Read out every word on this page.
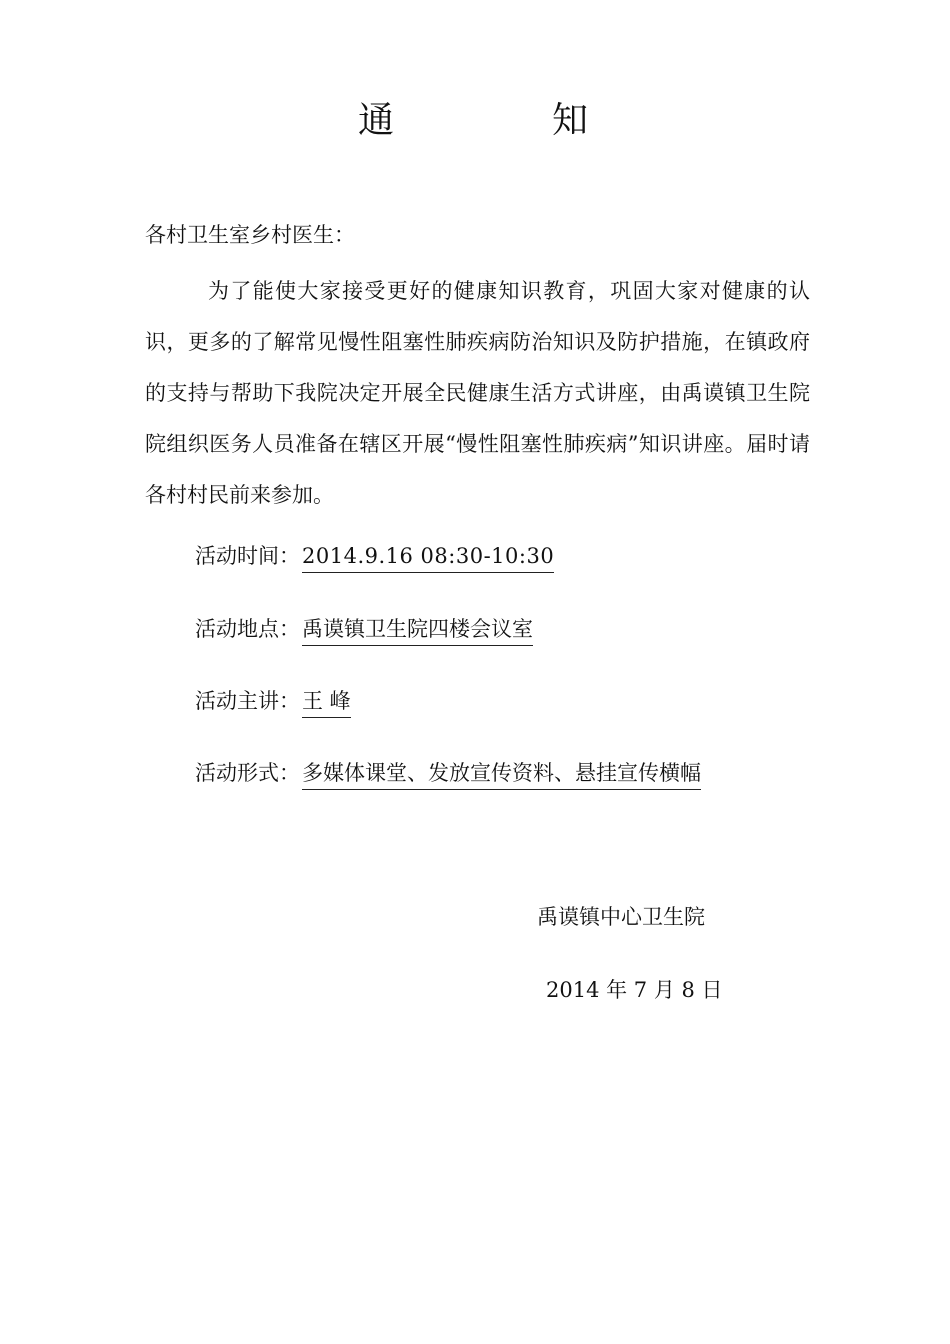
通	知
各村卫生室乡村医生：
为了能使大家接受更好的健康知识教育，巩固大家对健康的认识，更多的了解常见慢性阻塞性肺疾病防治知识及防护措施，在镇政府的支持与帮助下我院决定开展全民健康生活方式讲座，由禹谟镇卫生院院组织医务人员准备在辖区开展“慢性阻塞性肺疾病”知识讲座。届时请各村村民前来参加。
活动时间：2014.9.16 08:30-10:30
活动地点：禹谟镇卫生院四楼会议室
活动主讲：王 峰
活动形式：多媒体课堂、发放宣传资料、悬挂宣传横幅
禹谟镇中心卫生院
2014 年 7 月 8 日
